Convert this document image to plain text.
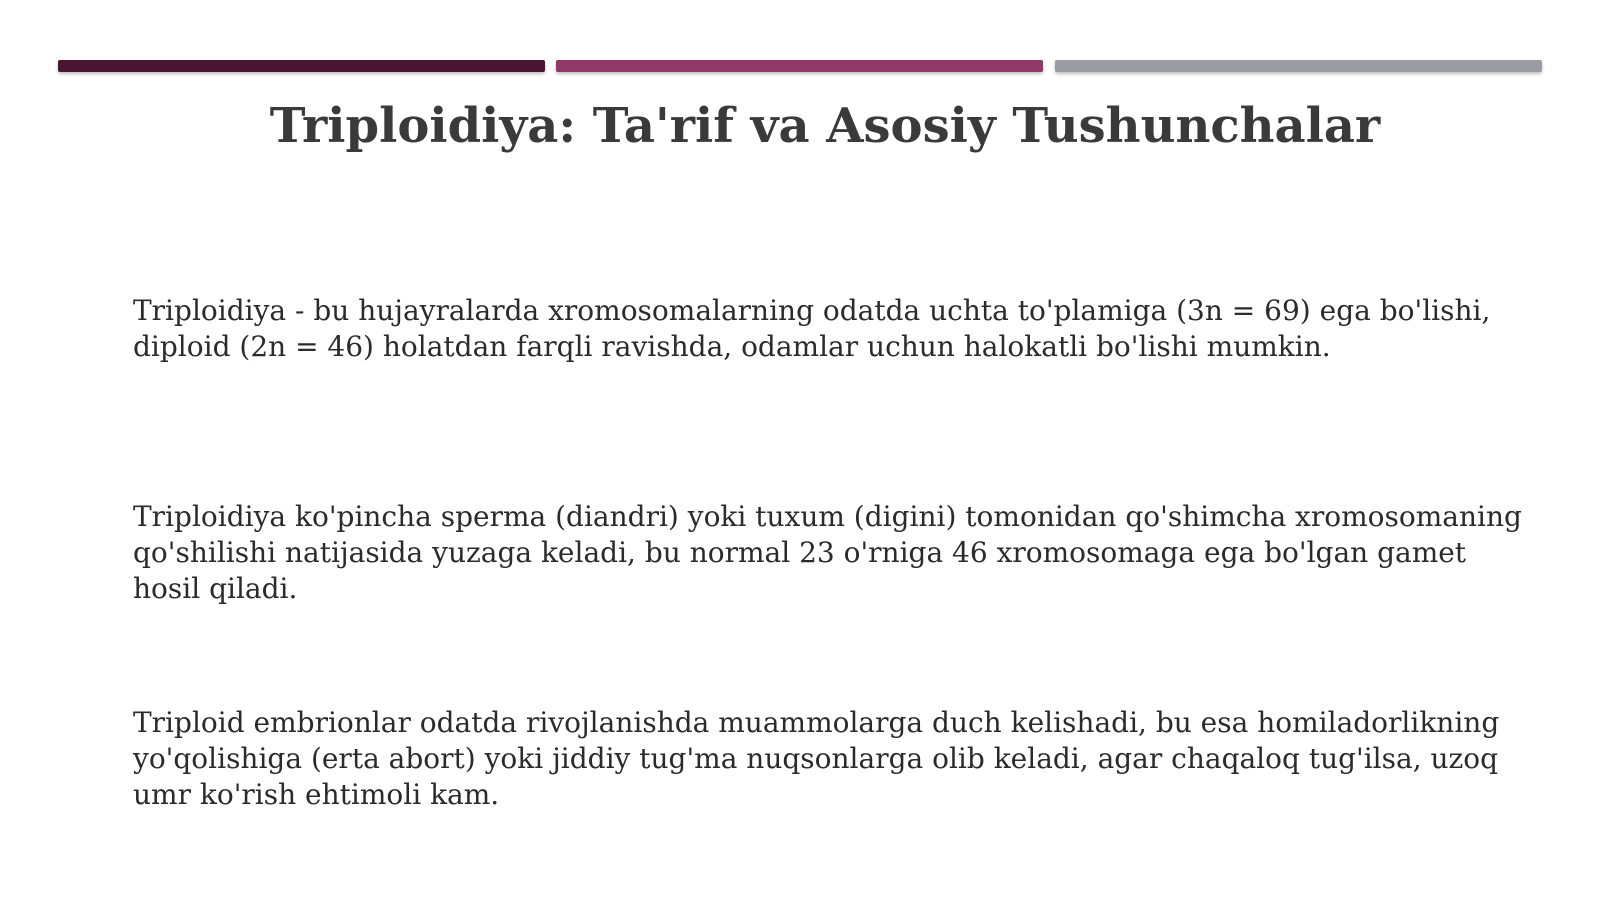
Triploidiya: Ta'rif va Asosiy Tushunchalar
Triploidiya - bu hujayralarda xromosomalarning odatda uchta to'plamiga (3n = 69) ega bo'lishi, diploid (2n = 46) holatdan farqli ravishda, odamlar uchun halokatli bo'lishi mumkin.
Triploidiya ko'pincha sperma (diandri) yoki tuxum (digini) tomonidan qo'shimcha xromosomaning qo'shilishi natijasida yuzaga keladi, bu normal 23 o'rniga 46 xromosomaga ega bo'lgan gamet hosil qiladi.
Triploid embrionlar odatda rivojlanishda muammolarga duch kelishadi, bu esa homiladorlikning yo'qolishiga (erta abort) yoki jiddiy tug'ma nuqsonlarga olib keladi, agar chaqaloq tug'ilsa, uzoq umr ko'rish ehtimoli kam.
